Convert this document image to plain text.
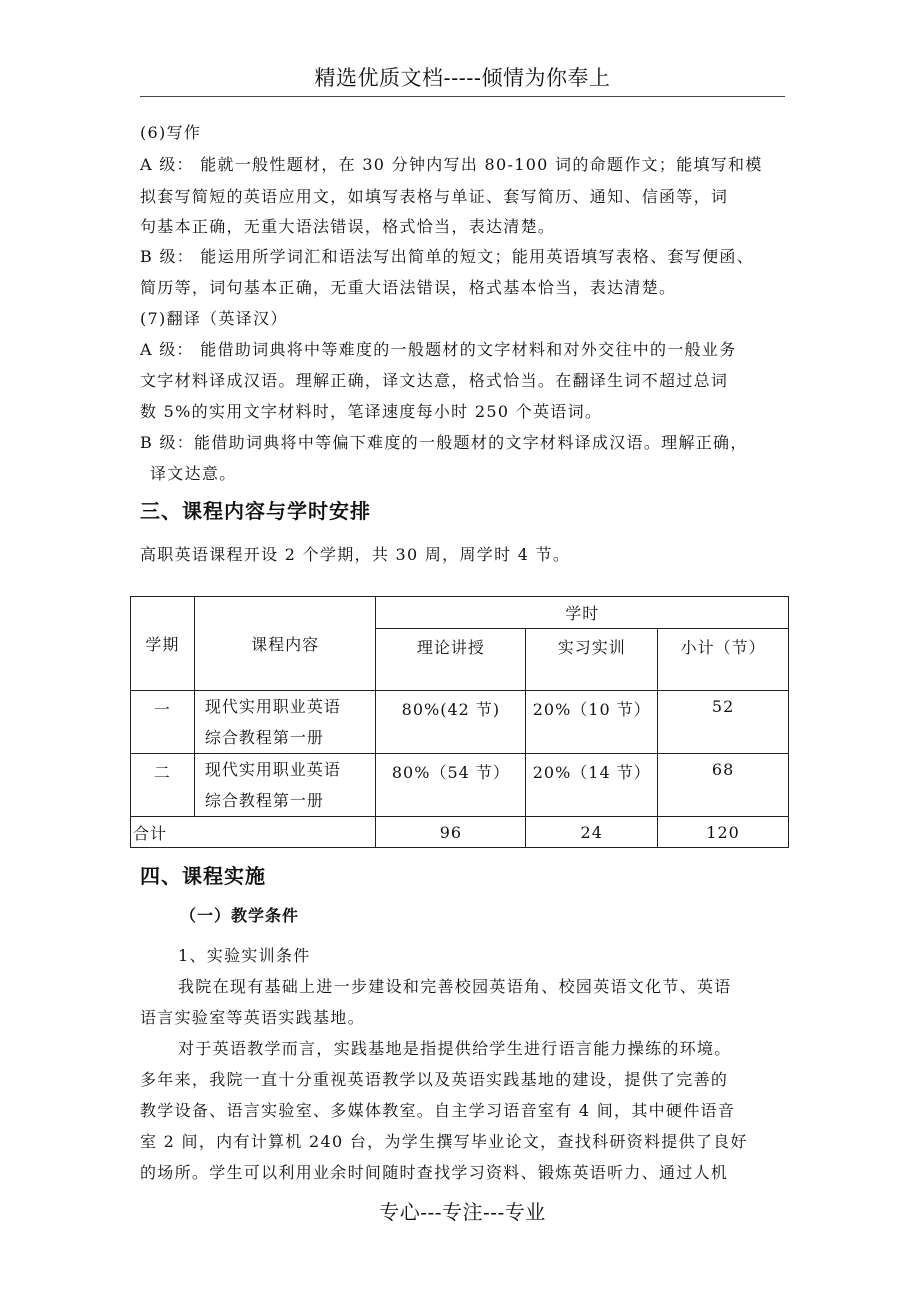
精选优质文档-----倾情为你奉上
(6)写作
A 级： 能就一般性题材，在 30 分钟内写出 80-100 词的命题作文；能填写和模
拟套写简短的英语应用文，如填写表格与单证、套写简历、通知、信函等，词
句基本正确，无重大语法错误，格式恰当，表达清楚。
B 级： 能运用所学词汇和语法写出简单的短文；能用英语填写表格、套写便函、
简历等，词句基本正确，无重大语法错误，格式基本恰当，表达清楚。
(7)翻译（英译汉）
A 级： 能借助词典将中等难度的一般题材的文字材料和对外交往中的一般业务
文字材料译成汉语。理解正确，译文达意，格式恰当。在翻译生词不超过总词
数 5%的实用文字材料时，笔译速度每小时 250 个英语词。
B 级：能借助词典将中等偏下难度的一般题材的文字材料译成汉语。理解正确，
译文达意。
三、课程内容与学时安排
高职英语课程开设 2 个学期，共 30 周，周学时 4 节。
学期	课程内容	学时		
		理论讲授	实习实训	小计（节）
一	现代实用职业英语
综合教程第一册	80%(42 节)	20%（10 节）	52
二	现代实用职业英语
综合教程第一册	80%（54 节）	20%（14 节）	68
合计		96	24	120
四、课程实施
（一）教学条件
1、实验实训条件
我院在现有基础上进一步建设和完善校园英语角、校园英语文化节、英语
语言实验室等英语实践基地。
对于英语教学而言，实践基地是指提供给学生进行语言能力操练的环境。
多年来，我院一直十分重视英语教学以及英语实践基地的建设，提供了完善的
教学设备、语言实验室、多媒体教室。自主学习语音室有 4 间，其中硬件语音
室 2 间，内有计算机 240 台，为学生撰写毕业论文，查找科研资料提供了良好
的场所。学生可以利用业余时间随时查找学习资料、锻炼英语听力、通过人机
专心---专注---专业
